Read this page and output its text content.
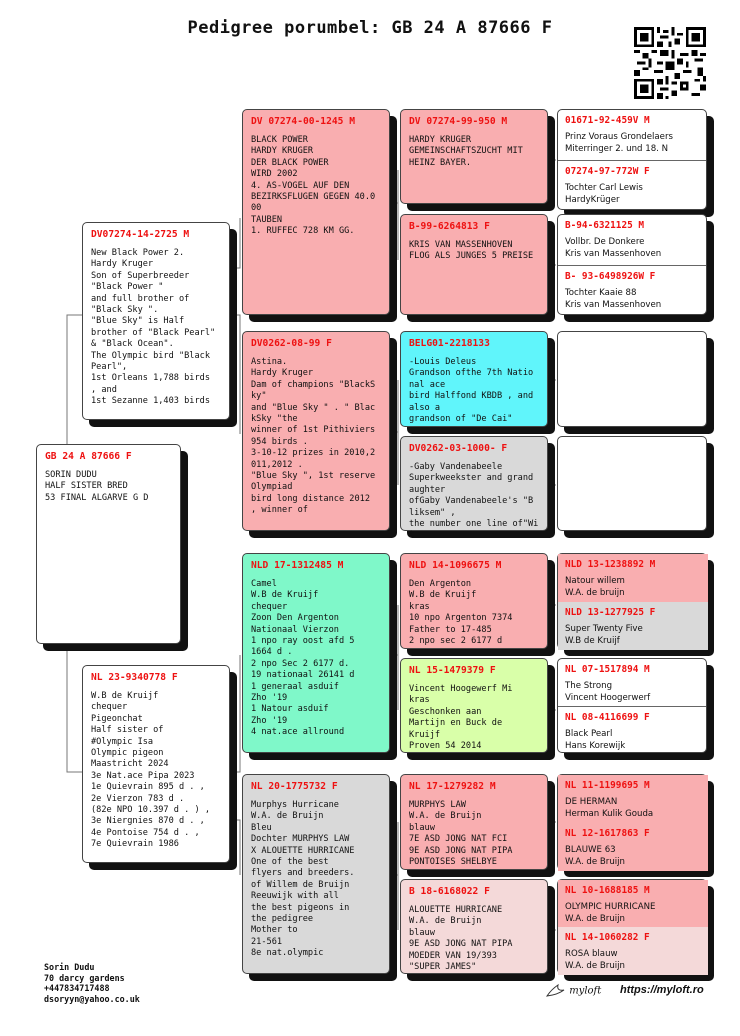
Pedigree porumbel: GB 24 A 87666 F
GB 24 A 87666 F
SORIN DUDU
HALF SISTER BRED
53 FINAL ALGARVE G D
DV07274-14-2725 M
New Black Power 2.
Hardy Kruger
Son of Superbreeder
"Black Power "
and full brother of
"Black Sky ".
"Blue Sky" is Half
brother of "Black Pearl"
& "Black Ocean".
The Olympic bird "Black
Pearl",
1st Orleans 1,788 birds
, and
1st Sezanne 1,403 birds
NL 23-9340778 F
W.B de Kruijf
chequer
Pigeonchat
Half sister of
#Olympic Isa
Olympic pigeon
Maastricht 2024
3e Nat.ace Pipa 2023
1e Quievrain 895 d . ,
2e Vierzon 783 d .
(82e NPO 10.397 d . ) ,
3e Niergnies 870 d . ,
4e Pontoise 754 d . ,
7e Quievrain 1986
DV 07274-00-1245 M
BLACK POWER
HARDY KRUGER
DER BLACK POWER
WIRD 2002
4. AS-VOGEL AUF DEN
BEZIRKSFLUGEN GEGEN 40.0
00
TAUBEN
1. RUFFEC 728 KM GG.
DV0262-08-99 F
Astina.
Hardy Kruger
Dam of champions "BlackS
ky"
and "Blue Sky " . " Blac
kSky "the
winner of 1st Pithiviers
954 birds .
3-10-12 prizes in 2010,2
011,2012 .
"Blue Sky ", 1st reserve
Olympiad
bird long distance 2012
, winner of
NLD 17-1312485 M
Camel
W.B de Kruijf
chequer
Zoon Den Argenton
Nationaal Vierzon
1 npo ray oost afd 5
1664 d .
2 npo Sec 2 6177 d.
19 nationaal 26141 d
1 generaal asduif
Zho '19
1 Natour asduif
Zho '19
4 nat.ace allround
NL 20-1775732 F
Murphys Hurricane
W.A. de Bruijn
Bleu
Dochter MURPHYS LAW
X ALOUETTE HURRICANE
One of the best
flyers and breeders.
of Willem de Bruijn
Reeuwijk with all
the best pigeons in
the pedigree
Mother to
21-561
8e nat.olympic
DV 07274-99-950 M
HARDY KRUGER
GEMEINSCHAFTSZUCHT MIT
HEINZ BAYER.
B-99-6264813 F
KRIS VAN MASSENHOVEN
FLOG ALS JUNGES 5 PREISE
BELG01-2218133
-Louis Deleus
Grandson ofthe 7th Natio
nal ace
bird Halffond KBDB , and
also a
grandson of "De Cai"
DV0262-03-1000- F
-Gaby Vandenabeele
Superkweekster and grand
aughter
ofGaby Vandenabeele's "B
liksem" ,
the number one line of"Wit
NLD 14-1096675 M
Den Argenton
W.B de Kruijf
kras
10 npo Argenton 7374
Father to 17-485
2 npo sec 2 6177 d
NL 15-1479379 F
Vincent Hoogewerf Mi
kras
Geschonken aan
Martijn en Buck de
Kruijf
Proven 54 2014
NL 17-1279282 M
MURPHYS LAW
W.A. de Bruijn
blauw
7E ASD JONG NAT FCI
9E ASD JONG NAT PIPA
PONTOISES SHELBYE
B 18-6168022 F
ALOUETTE HURRICANE
W.A. de Bruijn
blauw
9E ASD JONG NAT PIPA
MOEDER VAN 19/393
"SUPER JAMES"
01671-92-459V M
Prinz Voraus Grondelaers
Miterringer 2. und 18. N
07274-97-772W F
Tochter Carl Lewis
HardyKrüger
B-94-6321125 M
Vollbr. De Donkere
Kris van Massenhoven
B- 93-6498926W F
Tochter Kaaie 88
Kris van Massenhoven
NLD 13-1238892 M
Natour willem
W.A. de bruijn
NLD 13-1277925 F
Super Twenty Five
W.B de Kruijf
NL 07-1517894 M
The Strong
Vincent Hoogerwerf
NL 08-4116699 F
Black Pearl
Hans Korewijk
NL 11-1199695 M
DE HERMAN
Herman Kulik Gouda
NL 12-1617863 F
BLAUWE 63
W.A. de Bruijn
NL 10-1688185 M
OLYMPIC HURRICANE
W.A. de Bruijn
NL 14-1060282 F
ROSA blauw
W.A. de Bruijn
Sorin Dudu
70 darcy gardens
+447834717488
dsoryyn@yahoo.co.uk
myloft https://myloft.ro
